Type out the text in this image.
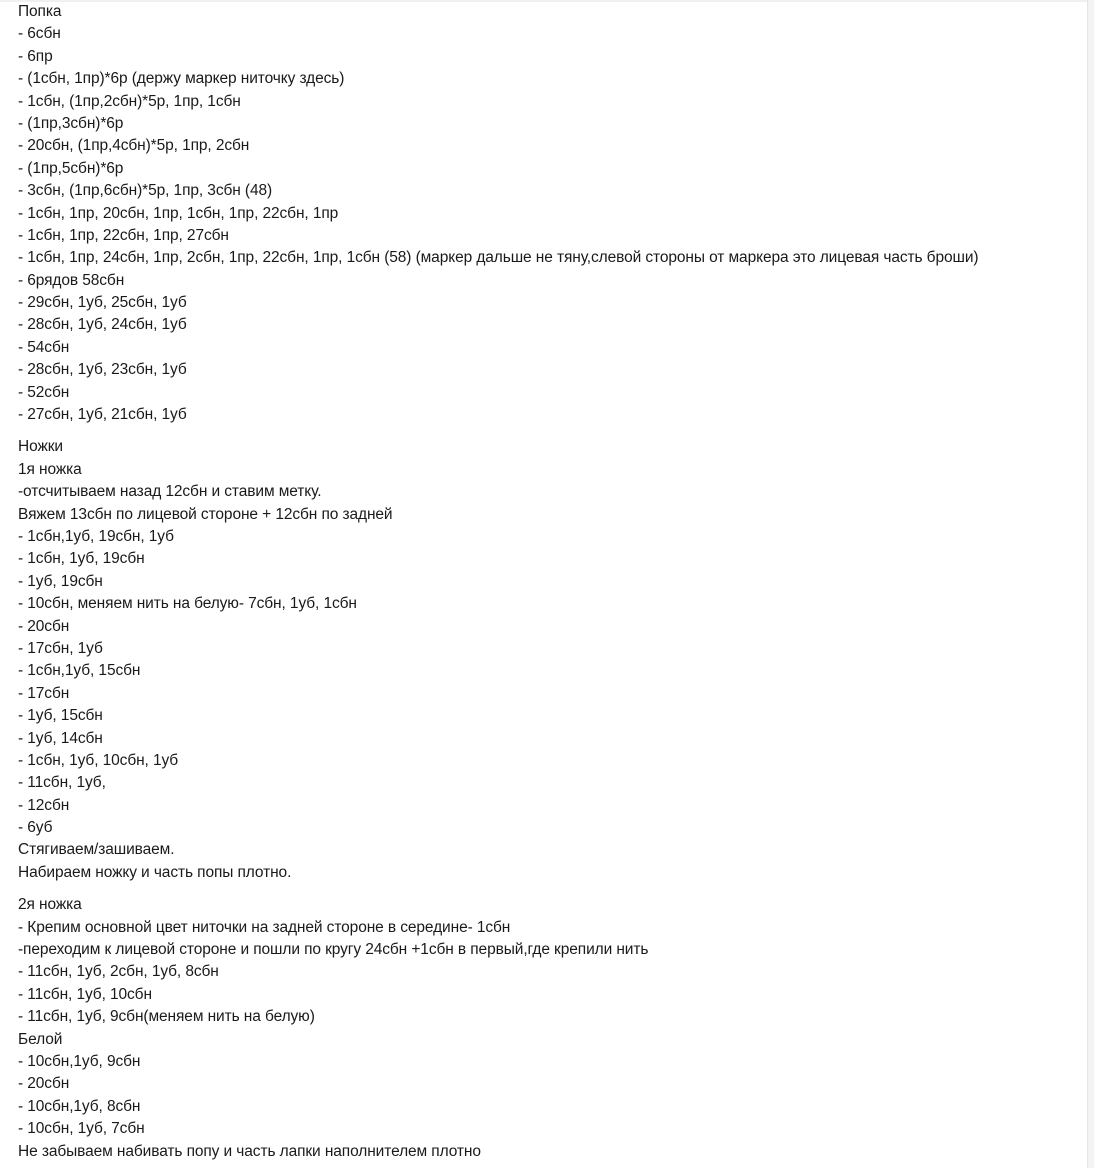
Попка
- 6сбн
- 6пр
- (1сбн, 1пр)*6р (держу маркер ниточку здесь)
- 1сбн, (1пр,2сбн)*5р, 1пр, 1сбн
- (1пр,3сбн)*6р
- 20сбн, (1пр,4сбн)*5р, 1пр, 2сбн
- (1пр,5сбн)*6р
- 3сбн, (1пр,6сбн)*5р, 1пр, 3сбн (48)
- 1сбн, 1пр, 20сбн, 1пр, 1сбн, 1пр, 22сбн, 1пр
- 1сбн, 1пр, 22сбн, 1пр, 27сбн
- 1сбн, 1пр, 24сбн, 1пр, 2сбн, 1пр, 22сбн, 1пр, 1сбн (58) (маркер дальше не тяну,слевой стороны от маркера это лицевая часть броши)
- 6рядов 58сбн
- 29сбн, 1уб, 25сбн, 1уб
- 28сбн, 1уб, 24сбн, 1уб
- 54сбн
- 28сбн, 1уб, 23сбн, 1уб
- 52сбн
- 27сбн, 1уб, 21сбн, 1уб
Ножки
1я ножка
-отсчитываем назад 12сбн и ставим метку.
Вяжем 13сбн по лицевой стороне + 12сбн по задней
- 1сбн,1уб, 19сбн, 1уб
- 1сбн, 1уб, 19сбн
- 1уб, 19сбн
- 10сбн, меняем нить на белую- 7сбн, 1уб, 1сбн
- 20сбн
- 17сбн, 1уб
- 1сбн,1уб, 15сбн
- 17сбн
- 1уб, 15сбн
- 1уб, 14сбн
- 1сбн, 1уб, 10сбн, 1уб
- 11сбн, 1уб,
- 12сбн
- 6уб
Стягиваем/зашиваем.
Набираем ножку и часть попы плотно.
2я ножка
- Крепим основной цвет ниточки на задней стороне в середине- 1сбн
-переходим к лицевой стороне и пошли по кругу 24сбн +1сбн в первый,где крепили нить
- 11сбн, 1уб, 2сбн, 1уб, 8сбн
- 11сбн, 1уб, 10сбн
- 11сбн, 1уб, 9сбн(меняем нить на белую)
Белой
- 10сбн,1уб, 9сбн
- 20сбн
- 10сбн,1уб, 8сбн
- 10сбн, 1уб, 7сбн
Не забываем набивать попу и часть лапки наполнителем плотно
